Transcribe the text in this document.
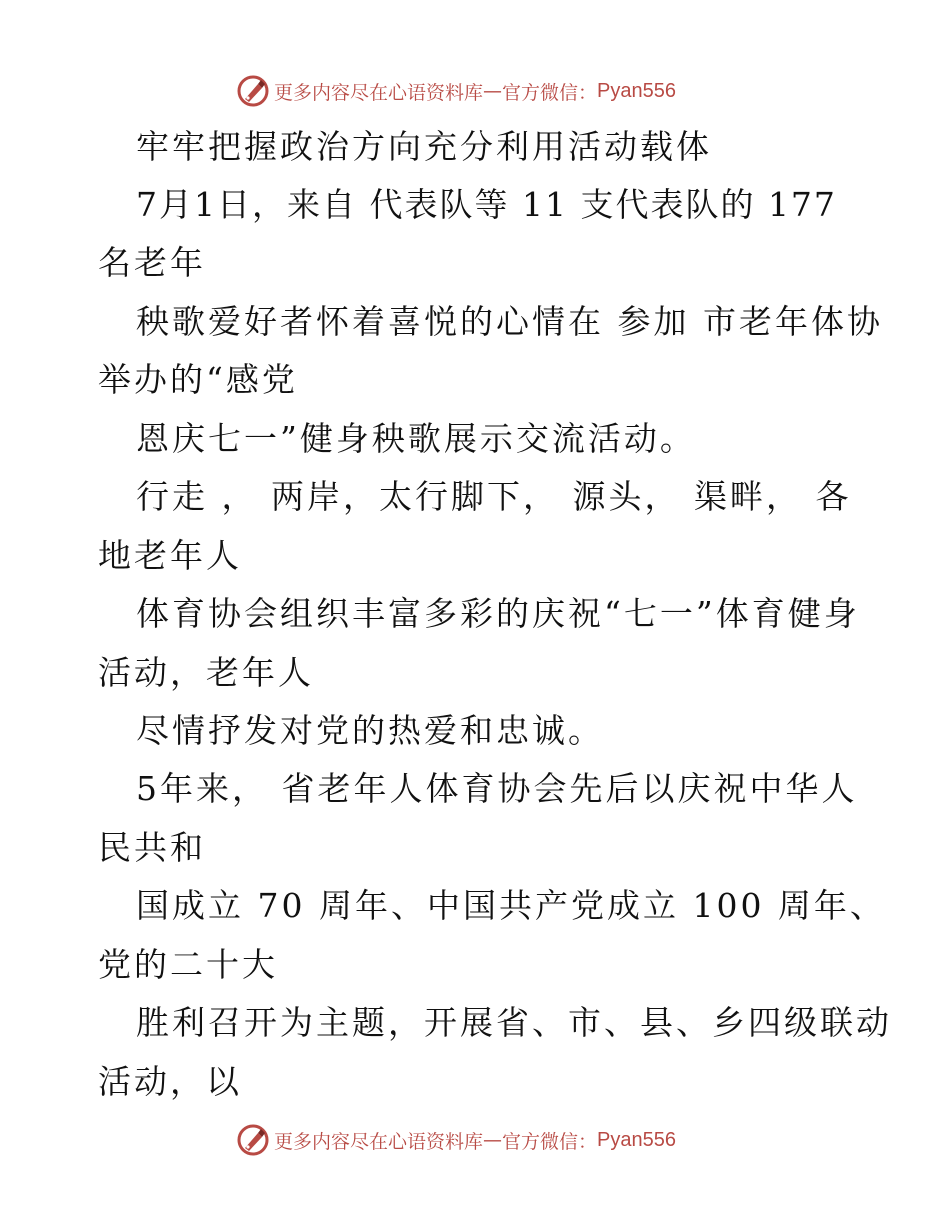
更多内容尽在心语资料库 — 官方微信： Pyan556
牢牢把握政治方向充分利用活动载体
7月1日，来自 代表队等 11 支代表队的 177
名老年
秧歌爱好者怀着喜悦的心情在 参加 市老年体协
举办的“感党
恩庆七一”健身秧歌展示交流活动。
行走 ， 两岸，太行脚下， 源头， 渠畔， 各
地老年人
体育协会组织丰富多彩的庆祝“七一”体育健身
活动，老年人
尽情抒发对党的热爱和忠诚。
5年来， 省老年人体育协会先后以庆祝中华人
民共和
国成立 70 周年、中国共产党成立 100 周年、
党的二十大
胜利召开为主题，开展省、市、县、乡四级联动
活动，以
更多内容尽在心语资料库 — 官方微信： Pyan556
